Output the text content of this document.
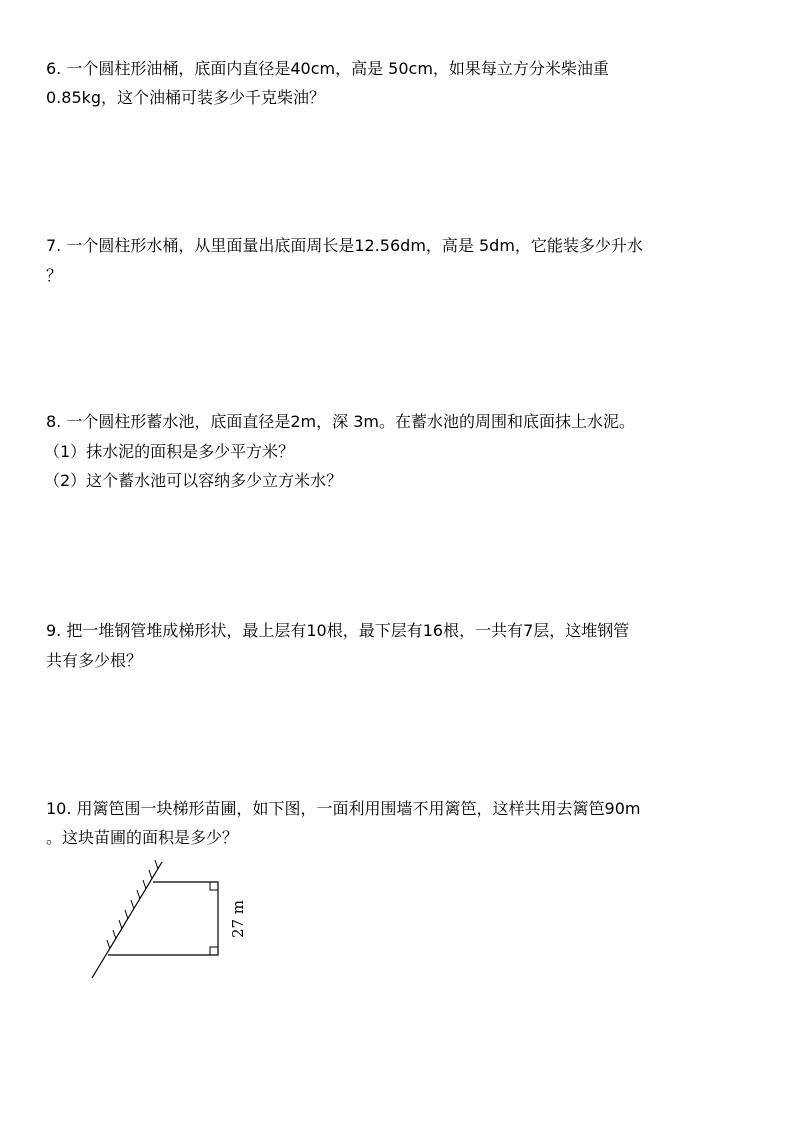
6. 一个圆柱形油桶，底面内直径是40cm，高是 50cm，如果每立方分米柴油重

0.85kg，这个油桶可装多少千克柴油？

7. 一个圆柱形水桶，从里面量出底面周长是12.56dm，高是 5dm，它能装多少升水

？

8. 一个圆柱形蓄水池，底面直径是2m，深 3m。在蓄水池的周围和底面抹上水泥。

（1）抹水泥的面积是多少平方米？

（2）这个蓄水池可以容纳多少立方米水？

9. 把一堆钢管堆成梯形状，最上层有10根，最下层有16根，一共有7层，这堆钢管

共有多少根？

10. 用篱笆围一块梯形苗圃，如下图，一面利用围墙不用篱笆，这样共用去篱笆90m

。这块苗圃的面积是多少？

27 m
